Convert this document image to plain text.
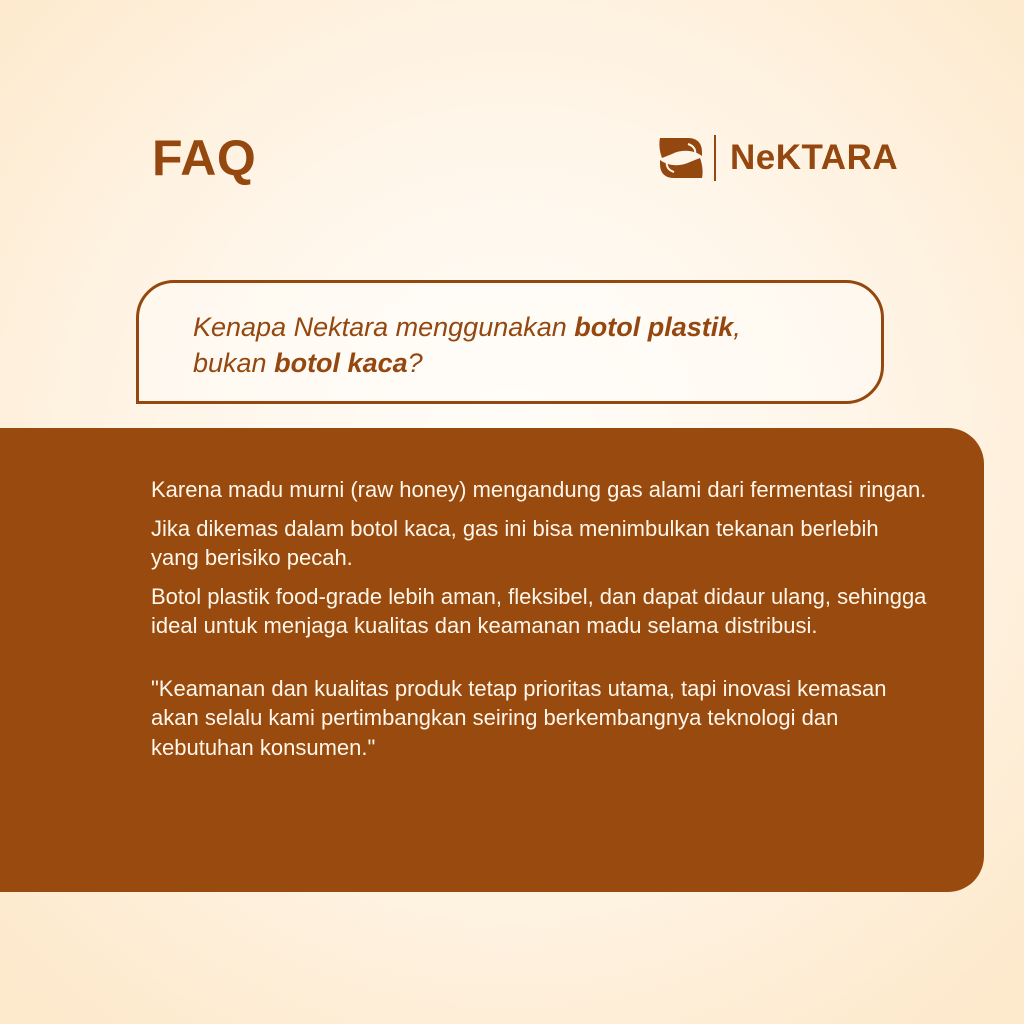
FAQ	NeKTARA
Kenapa Nektara menggunakan botol plastik,
bukan botol kaca?

Karena madu murni (raw honey) mengandung gas alami dari fermentasi ringan.

Jika dikemas dalam botol kaca, gas ini bisa menimbulkan tekanan berlebih yang berisiko pecah.

Botol plastik food-grade lebih aman, fleksibel, dan dapat didaur ulang, sehingga ideal untuk menjaga kualitas dan keamanan madu selama distribusi.

"Keamanan dan kualitas produk tetap prioritas utama, tapi inovasi kemasan akan selalu kami pertimbangkan seiring berkembangnya teknologi dan kebutuhan konsumen."
